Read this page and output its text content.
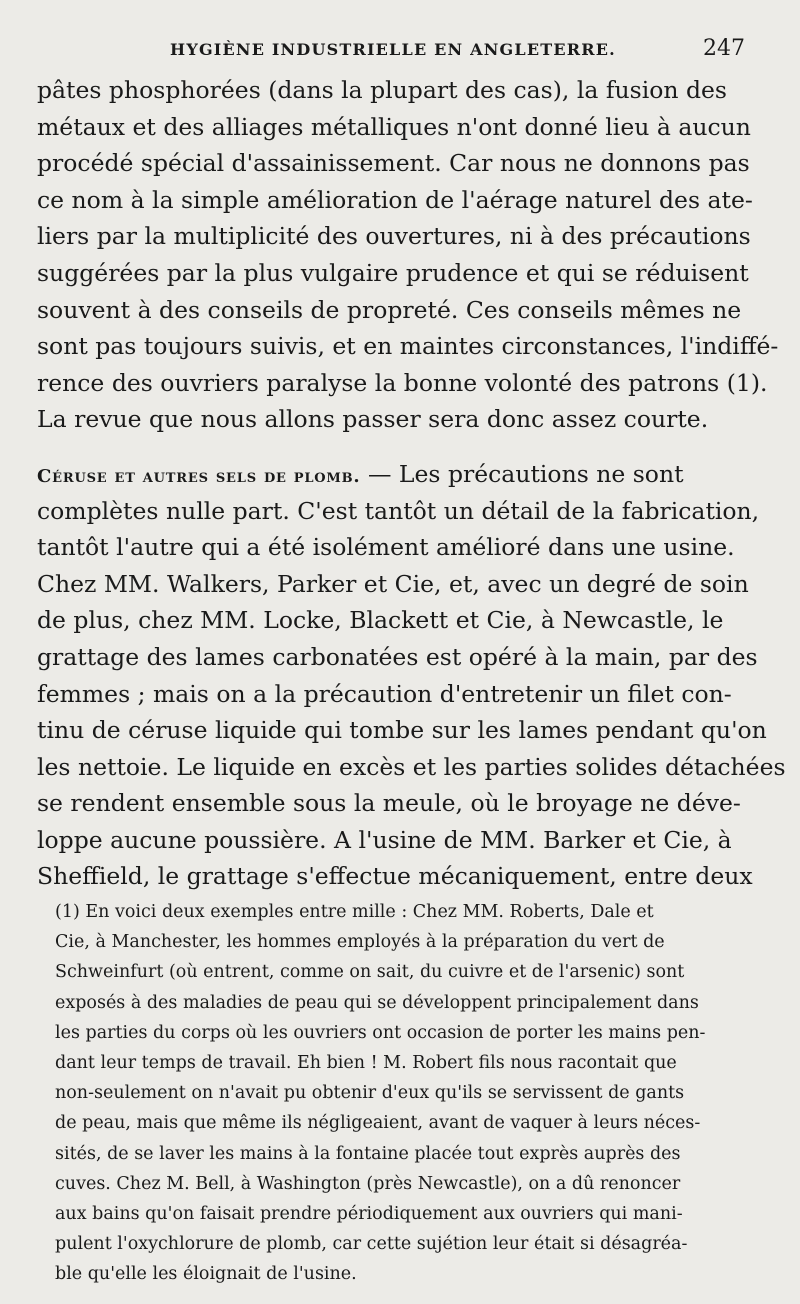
HYGIÈNE INDUSTRIELLE EN ANGLETERRE.	247
pâtes phosphorées (dans la plupart des cas), la fusion des
métaux et des alliages métalliques n'ont donné lieu à aucun
procédé spécial d'assainissement. Car nous ne donnons pas
ce nom à la simple amélioration de l'aérage naturel des ate-
liers par la multiplicité des ouvertures, ni à des précautions
suggérées par la plus vulgaire prudence et qui se réduisent
souvent à des conseils de propreté. Ces conseils mêmes ne
sont pas toujours suivis, et en maintes circonstances, l'indiffé-
rence des ouvriers paralyse la bonne volonté des patrons (1).
La revue que nous allons passer sera donc assez courte.
Céruse et autres sels de plomb. — Les précautions ne sont
complètes nulle part. C'est tantôt un détail de la fabrication,
tantôt l'autre qui a été isolément amélioré dans une usine.
Chez MM. Walkers, Parker et Cie, et, avec un degré de soin
de plus, chez MM. Locke, Blackett et Cie, à Newcastle, le
grattage des lames carbonatées est opéré à la main, par des
femmes ; mais on a la précaution d'entretenir un filet con-
tinu de céruse liquide qui tombe sur les lames pendant qu'on
les nettoie. Le liquide en excès et les parties solides détachées
se rendent ensemble sous la meule, où le broyage ne déve-
loppe aucune poussière. A l'usine de MM. Barker et Cie, à
Sheffield, le grattage s'effectue mécaniquement, entre deux
(1) En voici deux exemples entre mille : Chez MM. Roberts, Dale et
Cie, à Manchester, les hommes employés à la préparation du vert de
Schweinfurt (où entrent, comme on sait, du cuivre et de l'arsenic) sont
exposés à des maladies de peau qui se développent principalement dans
les parties du corps où les ouvriers ont occasion de porter les mains pen-
dant leur temps de travail. Eh bien ! M. Robert fils nous racontait que
non-seulement on n'avait pu obtenir d'eux qu'ils se servissent de gants
de peau, mais que même ils négligeaient, avant de vaquer à leurs néces-
sités, de se laver les mains à la fontaine placée tout exprès auprès des
cuves. Chez M. Bell, à Washington (près Newcastle), on a dû renoncer
aux bains qu'on faisait prendre périodiquement aux ouvriers qui mani-
pulent l'oxychlorure de plomb, car cette sujétion leur était si désagréa-
ble qu'elle les éloignait de l'usine.
